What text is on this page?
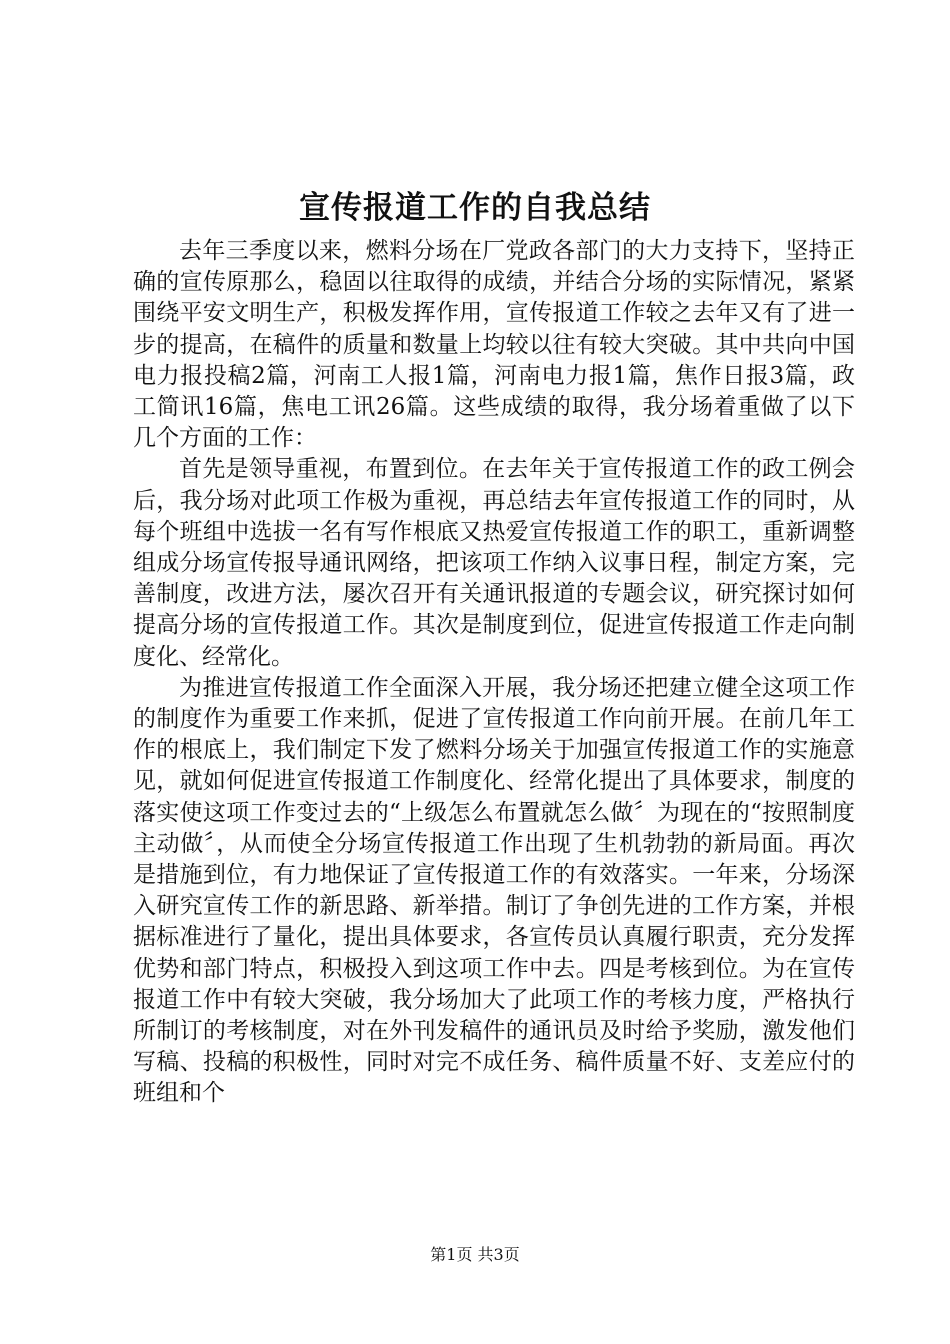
宣传报道工作的自我总结

去年三季度以来，燃料分场在厂党政各部门的大力支持下，坚持正确的宣传原那么，稳固以往取得的成绩，并结合分场的实际情况，紧紧围绕平安文明生产，积极发挥作用，宣传报道工作较之去年又有了进一步的提高，在稿件的质量和数量上均较以往有较大突破。其中共向中国电力报投稿2篇，河南工人报1篇，河南电力报1篇，焦作日报3篇，政工简讯16篇，焦电工讯26篇。这些成绩的取得，我分场着重做了以下几个方面的工作：

首先是领导重视，布置到位。在去年关于宣传报道工作的政工例会后，我分场对此项工作极为重视，再总结去年宣传报道工作的同时，从每个班组中选拔一名有写作根底又热爱宣传报道工作的职工，重新调整组成分场宣传报导通讯网络，把该项工作纳入议事日程，制定方案，完善制度，改进方法，屡次召开有关通讯报道的专题会议，研究探讨如何提高分场的宣传报道工作。其次是制度到位，促进宣传报道工作走向制度化、经常化。

为推进宣传报道工作全面深入开展，我分场还把建立健全这项工作的制度作为重要工作来抓，促进了宣传报道工作向前开展。在前几年工作的根底上，我们制定下发了燃料分场关于加强宣传报道工作的实施意见，就如何促进宣传报道工作制度化、经常化提出了具体要求，制度的落实使这项工作变过去的“上级怎么布置就怎么做〞为现在的“按照制度主动做〞，从而使全分场宣传报道工作出现了生机勃勃的新局面。再次是措施到位，有力地保证了宣传报道工作的有效落实。一年来，分场深入研究宣传工作的新思路、新举措。制订了争创先进的工作方案，并根据标准进行了量化，提出具体要求，各宣传员认真履行职责，充分发挥优势和部门特点，积极投入到这项工作中去。四是考核到位。为在宣传报道工作中有较大突破，我分场加大了此项工作的考核力度，严格执行所制订的考核制度，对在外刊发稿件的通讯员及时给予奖励，激发他们写稿、投稿的积极性，同时对完不成任务、稿件质量不好、支差应付的班组和个

第1页 共3页
